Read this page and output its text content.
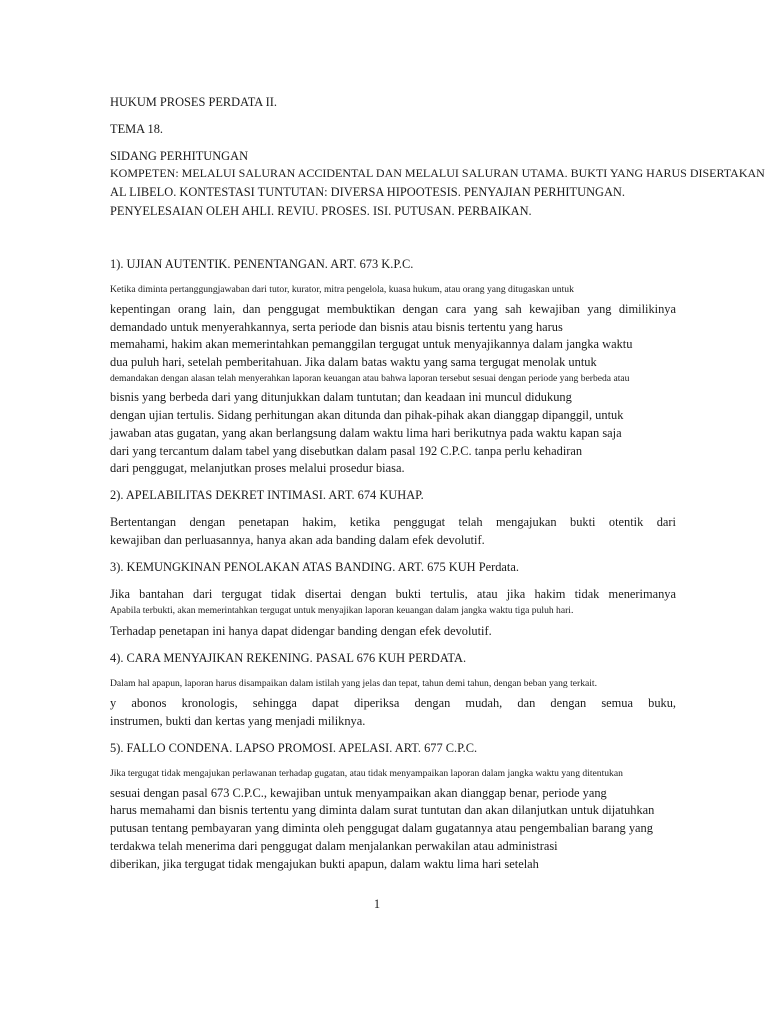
HUKUM PROSES PERDATA II.
TEMA 18.
SIDANG PERHITUNGAN
KOMPETEN: MELALUI SALURAN ACCIDENTAL DAN MELALUI SALURAN UTAMA. BUKTI YANG HARUS DISERTAKAN
AL LIBELO. KONTESTASI TUNTUTAN: DIVERSA HIPOOTESIS. PENYAJIAN PERHITUNGAN.
PENYELESAIAN OLEH AHLI. REVIU. PROSES. ISI. PUTUSAN. PERBAIKAN.
1). UJIAN AUTENTIK. PENENTANGAN. ART. 673 K.P.C.
Ketika diminta pertanggungjawaban dari tutor, kurator, mitra pengelola, kuasa hukum, atau orang yang ditugaskan untuk
kepentingan orang lain, dan penggugat membuktikan dengan cara yang sah kewajiban yang dimilikinya
demandado untuk menyerahkannya, serta periode dan bisnis atau bisnis tertentu yang harus
memahami, hakim akan memerintahkan pemanggilan tergugat untuk menyajikannya dalam jangka waktu
dua puluh hari, setelah pemberitahuan. Jika dalam batas waktu yang sama tergugat menolak untuk
demandakan dengan alasan telah menyerahkan laporan keuangan atau bahwa laporan tersebut sesuai dengan periode yang berbeda atau
bisnis yang berbeda dari yang ditunjukkan dalam tuntutan; dan keadaan ini muncul didukung
dengan ujian tertulis. Sidang perhitungan akan ditunda dan pihak-pihak akan dianggap dipanggil, untuk
jawaban atas gugatan, yang akan berlangsung dalam waktu lima hari berikutnya pada waktu kapan saja
dari yang tercantum dalam tabel yang disebutkan dalam pasal 192 C.P.C. tanpa perlu kehadiran
dari penggugat, melanjutkan proses melalui prosedur biasa.
2). APELABILITAS DEKRET INTIMASI. ART. 674 KUHAP.
Bertentangan dengan penetapan hakim, ketika penggugat telah mengajukan bukti otentik dari
kewajiban dan perluasannya, hanya akan ada banding dalam efek devolutif.
3). KEMUNGKINAN PENOLAKAN ATAS BANDING. ART. 675 KUH Perdata.
Jika bantahan dari tergugat tidak disertai dengan bukti tertulis, atau jika hakim tidak menerimanya
Apabila terbukti, akan memerintahkan tergugat untuk menyajikan laporan keuangan dalam jangka waktu tiga puluh hari.
Terhadap penetapan ini hanya dapat didengar banding dengan efek devolutif.
4). CARA MENYAJIKAN REKENING. PASAL 676 KUH PERDATA.
Dalam hal apapun, laporan harus disampaikan dalam istilah yang jelas dan tepat, tahun demi tahun, dengan beban yang terkait.
y abonos kronologis, sehingga dapat diperiksa dengan mudah, dan dengan semua buku,
instrumen, bukti dan kertas yang menjadi miliknya.
5). FALLO CONDENA. LAPSO PROMOSI. APELASI. ART. 677 C.P.C.
Jika tergugat tidak mengajukan perlawanan terhadap gugatan, atau tidak menyampaikan laporan dalam jangka waktu yang ditentukan
sesuai dengan pasal 673 C.P.C., kewajiban untuk menyampaikan akan dianggap benar, periode yang
harus memahami dan bisnis tertentu yang diminta dalam surat tuntutan dan akan dilanjutkan untuk dijatuhkan
putusan tentang pembayaran yang diminta oleh penggugat dalam gugatannya atau pengembalian barang yang
terdakwa telah menerima dari penggugat dalam menjalankan perwakilan atau administrasi
diberikan, jika tergugat tidak mengajukan bukti apapun, dalam waktu lima hari setelah
1
